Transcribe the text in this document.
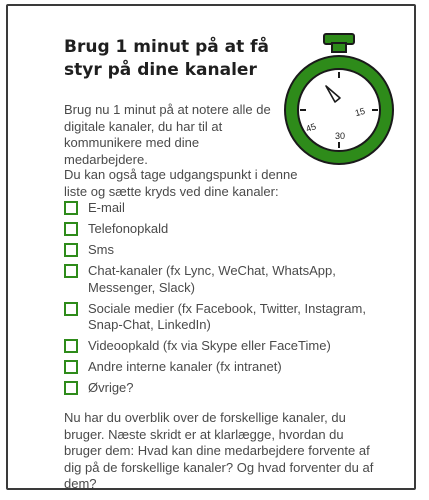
Brug 1 minut på at få styr på dine kanaler
15
30
45

Brug nu 1 minut på at notere alle de digitale kanaler, du har til at kommunikere med dine medarbejdere.

Du kan også tage udgangspunkt i denne liste og sætte kryds ved dine kanaler:

E-mail
Telefonopkald
Sms
Chat-kanaler (fx Lync, WeChat, WhatsApp, Messenger, Slack)
Sociale medier (fx Facebook, Twitter, Instagram, Snap-Chat, LinkedIn)
Videoopkald (fx via Skype eller FaceTime)
Andre interne kanaler (fx intranet)
Øvrige?

Nu har du overblik over de forskellige kanaler, du bruger. Næste skridt er at klarlægge, hvordan du bruger dem: Hvad kan dine medarbejdere forvente af dig på de forskellige kanaler? Og hvad forventer du af dem?
